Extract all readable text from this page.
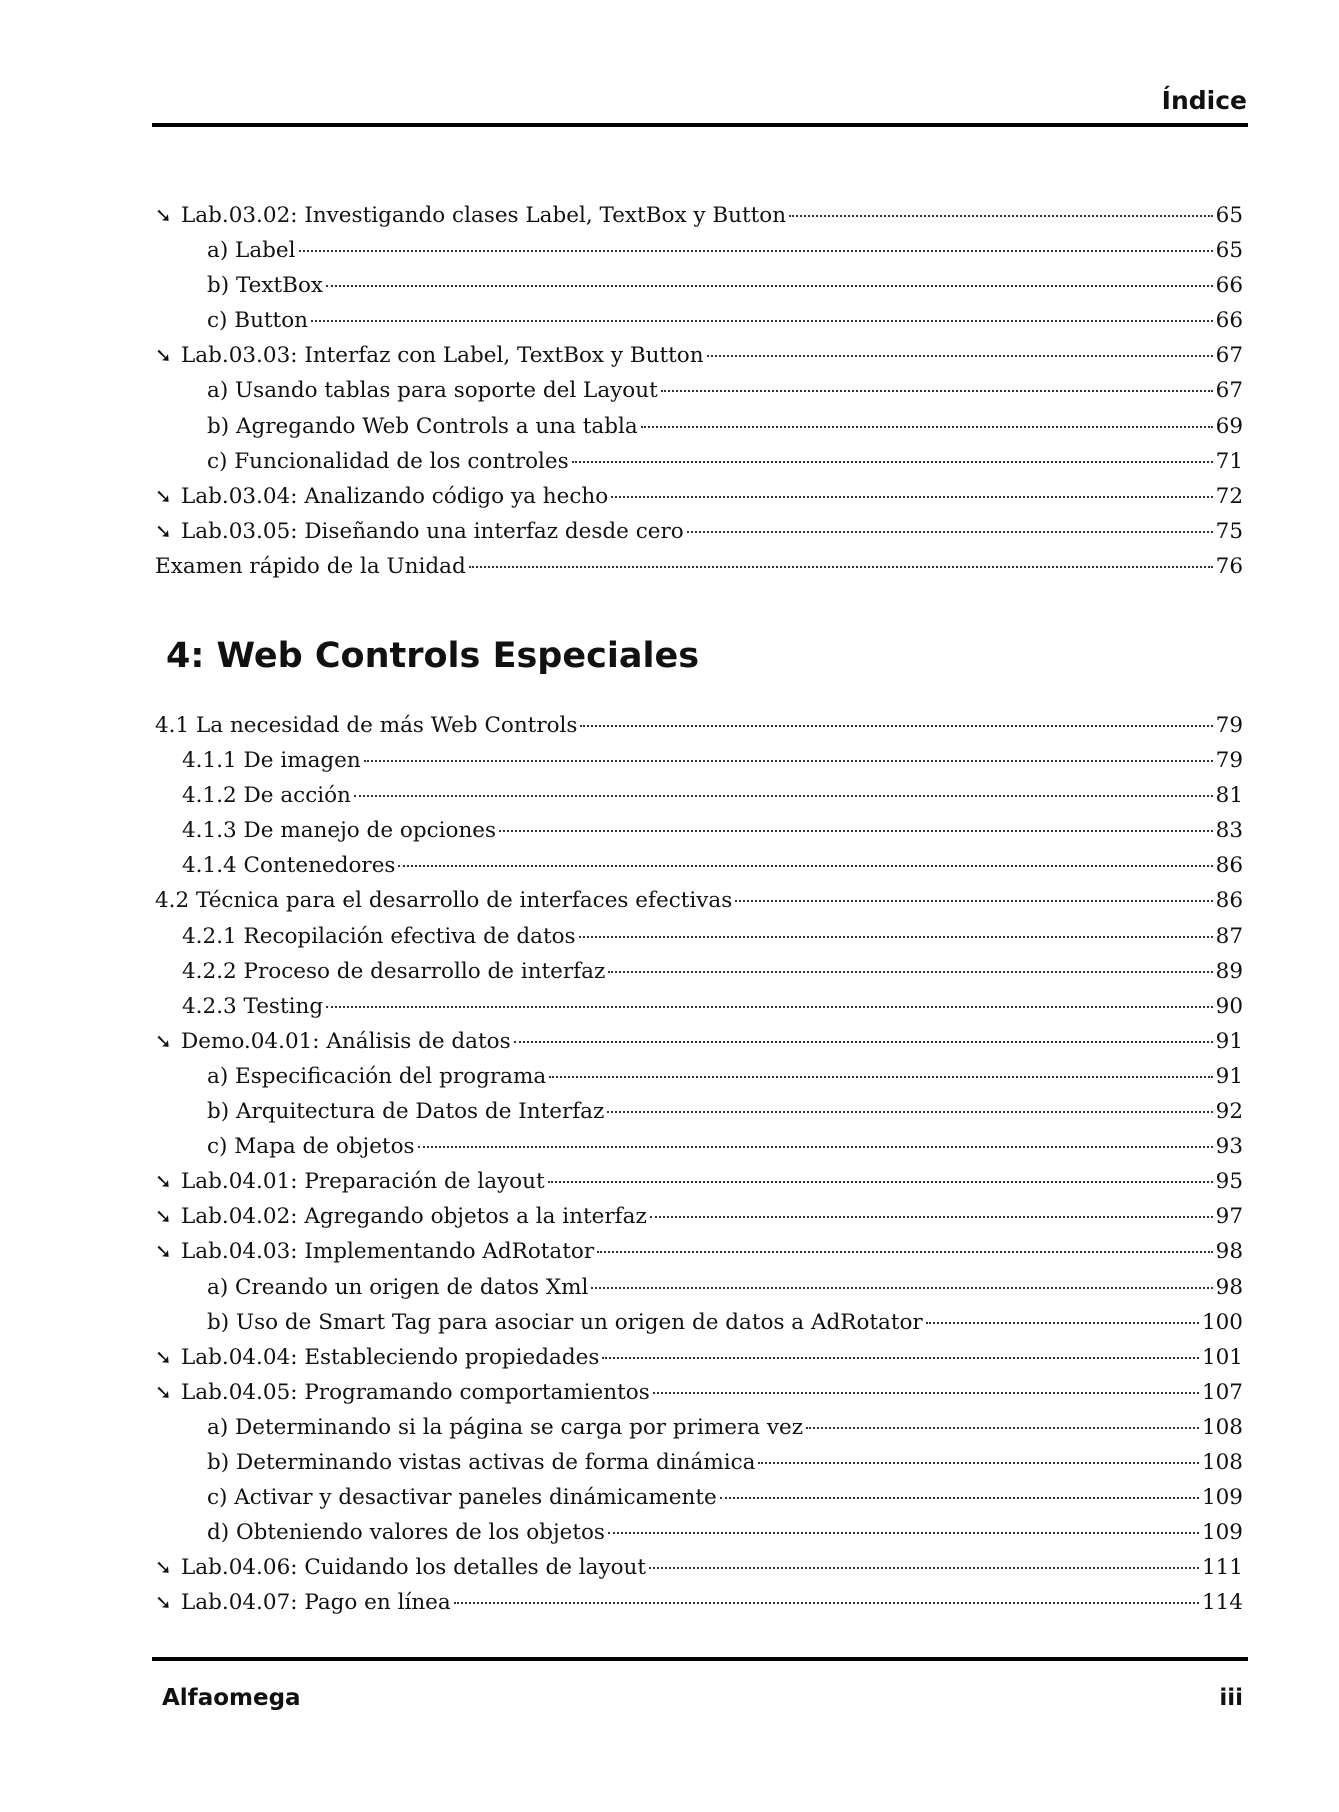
Índice
➘ Lab.03.02: Investigando clases Label, TextBox y Button	65
a) Label	65
b) TextBox	66
c) Button	66
➘ Lab.03.03: Interfaz con Label, TextBox y Button	67
a) Usando tablas para soporte del Layout	67
b) Agregando Web Controls a una tabla	69
c) Funcionalidad de los controles	71
➘ Lab.03.04: Analizando código ya hecho	72
➘ Lab.03.05: Diseñando una interfaz desde cero	75
Examen rápido de la Unidad	76
4: Web Controls Especiales
4.1 La necesidad de más Web Controls	79
4.1.1 De imagen	79
4.1.2 De acción	81
4.1.3 De manejo de opciones	83
4.1.4 Contenedores	86
4.2 Técnica para el desarrollo de interfaces efectivas	86
4.2.1 Recopilación efectiva de datos	87
4.2.2 Proceso de desarrollo de interfaz	89
4.2.3 Testing	90
➘ Demo.04.01: Análisis de datos	91
a) Especificación del programa	91
b) Arquitectura de Datos de Interfaz	92
c) Mapa de objetos	93
➘ Lab.04.01: Preparación de layout	95
➘ Lab.04.02: Agregando objetos a la interfaz	97
➘ Lab.04.03: Implementando AdRotator	98
a) Creando un origen de datos Xml	98
b) Uso de Smart Tag para asociar un origen de datos a AdRotator	100
➘ Lab.04.04: Estableciendo propiedades	101
➘ Lab.04.05: Programando comportamientos	107
a) Determinando si la página se carga por primera vez	108
b) Determinando vistas activas de forma dinámica	108
c) Activar y desactivar paneles dinámicamente	109
d) Obteniendo valores de los objetos	109
➘ Lab.04.06: Cuidando los detalles de layout	111
➘ Lab.04.07: Pago en línea	114
Alfaomega	iii
